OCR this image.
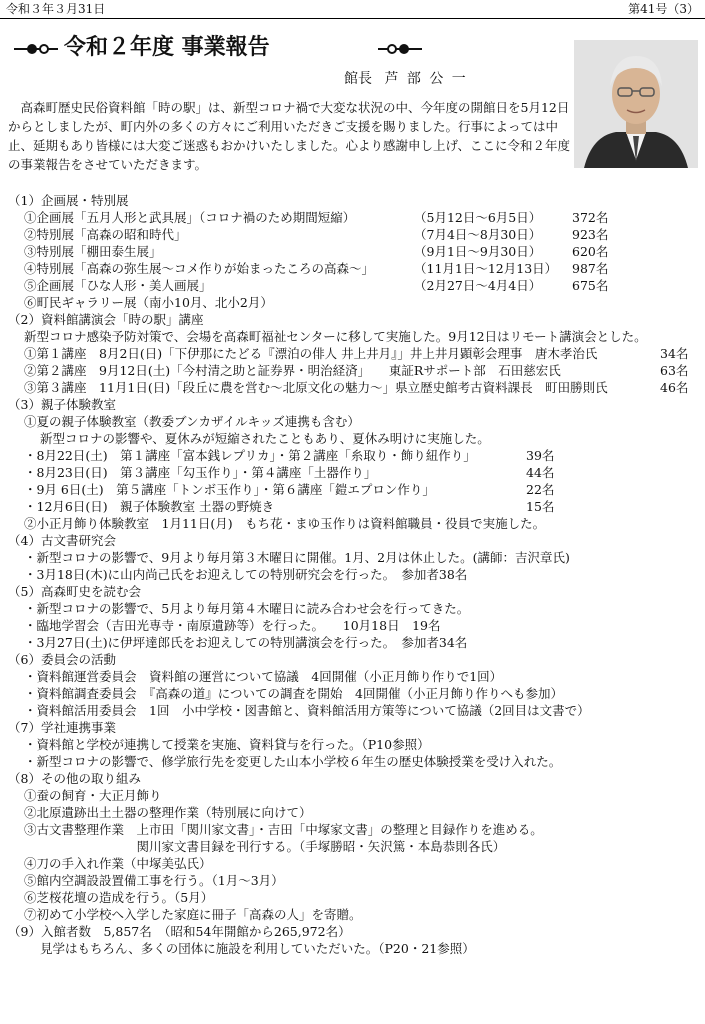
令和３年３月31日	第41号（3）
令和２年度 事業報告
館長 芦 部 公 一
高森町歴史民俗資料館「時の駅」は、新型コロナ禍で大変な状況の中、今年度の開館日を5月12日からとしましたが、町内外の多くの方々にご利用いただきご支援を賜りました。行事によっては中止、延期もあり皆様には大変ご迷惑もおかけいたしました。心より感謝申し上げ、ここに令和２年度の事業報告をさせていただきます。
（1）企画展・特別展
①企画展「五月人形と武具展」（コロナ禍のため期間短縮）	（5月12日～6月5日） 372名
②特別展「高森の昭和時代」	（7月4日～8月30日） 923名
③特別展「棚田泰生展」	（9月1日～9月30日） 620名
④特別展「高森の弥生展～コメ作りが始まったころの高森～」	（11月1日～12月13日） 987名
⑤企画展「ひな人形・美人画展」	（2月27日～4月4日） 675名
⑥町民ギャラリー展（南小10月、北小2月）
（2）資料館講演会「時の駅」講座
新型コロナ感染予防対策で、会場を高森町福祉センターに移して実施した。9月12日はリモート講演会とした。
①第１講座　8月2日(日)「下伊那にたどる『漂泊の俳人 井上井月』」井上井月顕彰会理事　唐木孝治氏	34名
②第２講座　9月12日(土)「今村清之助と証券界・明治経済」　　東証Rサポート部　石田慈宏氏	63名
③第３講座　11月1日(日)「段丘に農を営む～北原文化の魅力～」県立歴史館考古資料課長　町田勝則氏	46名
（3）親子体験教室
①夏の親子体験教室（教委ブンカザイルキッズ連携も含む）
新型コロナの影響や、夏休みが短縮されたこともあり、夏休み明けに実施した。
・8月22日(土)　第１講座「富本銭レプリカ」・第２講座「糸取り・飾り紐作り」	39名
・8月23日(日)　第３講座「勾玉作り」・第４講座「土器作り」	44名
・9月 6日(土)　第５講座「トンボ玉作り」・第６講座「鎧エプロン作り」	22名
・12月6日(日)　親子体験教室 土器の野焼き	15名
②小正月飾り体験教室　1月11日(月)　もち花・まゆ玉作りは資料館職員・役員で実施した。
（4）古文書研究会
・新型コロナの影響で、9月より毎月第３木曜日に開催。1月、2月は休止した。(講師：吉沢章氏)
・3月18日(木)に山内尚己氏をお迎えしての特別研究会を行った。　参加者38名
（5）高森町史を読む会
・新型コロナの影響で、5月より毎月第４木曜日に読み合わせ会を行ってきた。
・臨地学習会（吉田光専寺・南原遺跡等）を行った。　　10月18日　19名
・3月27日(土)に伊坪達郎氏をお迎えしての特別講演会を行った。　参加者34名
（6）委員会の活動
・資料館運営委員会　資料館の運営について協議　4回開催（小正月飾り作りで1回）
・資料館調査委員会　『高森の道』についての調査を開始　4回開催（小正月飾り作りへも参加）
・資料館活用委員会　1回　小中学校・図書館と、資料館活用方策等について協議（2回目は文書で）
（7）学社連携事業
・資料館と学校が連携して授業を実施、資料貸与を行った。（P10参照）
・新型コロナの影響で、修学旅行先を変更した山本小学校６年生の歴史体験授業を受け入れた。
（8）その他の取り組み
①蚕の飼育・大正月飾り
②北原遺跡出土土器の整理作業（特別展に向けて）
③古文書整理作業　上市田「関川家文書」・吉田「中塚家文書」の整理と目録作りを進める。
　　　　　　　　　関川家文書目録を刊行する。（手塚勝昭・矢沢篤・本島恭則各氏）
④刀の手入れ作業（中塚美弘氏）
⑤館内空調設設置備工事を行う。（1月～3月）
⑥芝桜花壇の造成を行う。（5月）
⑦初めて小学校へ入学した家庭に冊子「高森の人」を寄贈。
（9）入館者数　5,857名　（昭和54年開館から265,972名）
見学はもちろん、多くの団体に施設を利用していただいた。（P20・21参照）
